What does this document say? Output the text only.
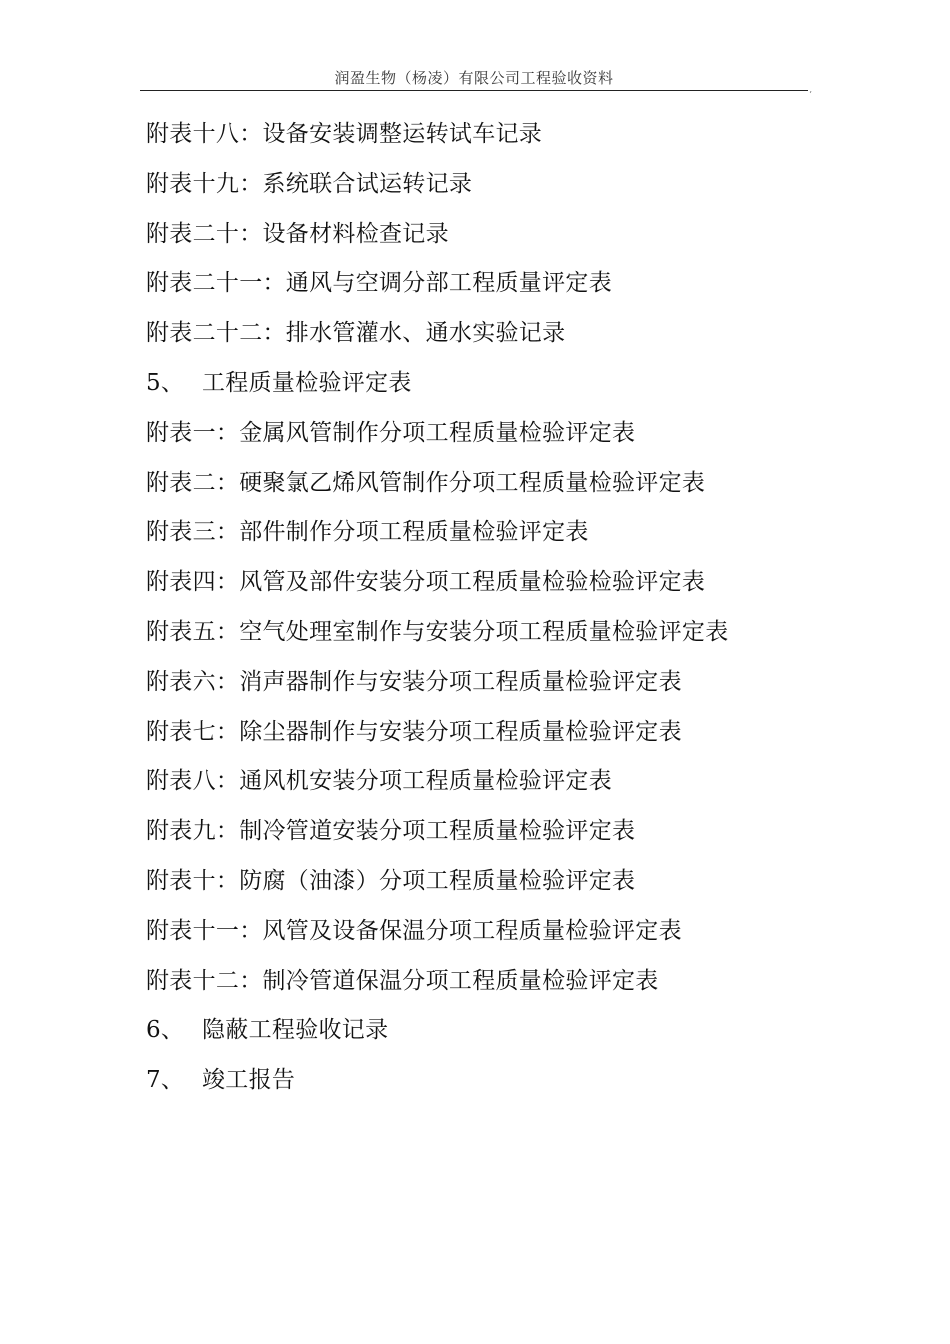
润盈生物（杨凌）有限公司工程验收资料
,
附表十八：设备安装调整运转试车记录
附表十九：系统联合试运转记录
附表二十：设备材料检查记录
附表二十一：通风与空调分部工程质量评定表
附表二十二：排水管灌水、通水实验记录
5、 工程质量检验评定表
附表一：金属风管制作分项工程质量检验评定表
附表二：硬聚氯乙烯风管制作分项工程质量检验评定表
附表三：部件制作分项工程质量检验评定表
附表四：风管及部件安装分项工程质量检验检验评定表
附表五：空气处理室制作与安装分项工程质量检验评定表
附表六：消声器制作与安装分项工程质量检验评定表
附表七：除尘器制作与安装分项工程质量检验评定表
附表八：通风机安装分项工程质量检验评定表
附表九：制冷管道安装分项工程质量检验评定表
附表十：防腐（油漆）分项工程质量检验评定表
附表十一：风管及设备保温分项工程质量检验评定表
附表十二：制冷管道保温分项工程质量检验评定表
6、 隐蔽工程验收记录
7、 竣工报告
